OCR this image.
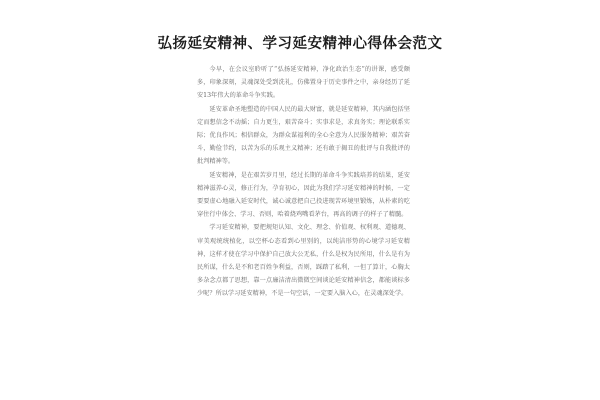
弘扬延安精神、学习延安精神心得体会范文

今早，在会议室聆听了“弘扬延安精神，净化政治生态”的讲课，感受颇多，印象深刻，灵魂深处受到洗礼，仿佛置身于历史事件之中，亲身经历了延安13年伟大的革命斗争实践。

延安革命圣地塑造的中国人民的最大财富，就是延安精神，其内涵包括坚定而想信念不动摇；自力更生，艰苦奋斗；实事求是，求真务实；理论联系实际；优良作风；相信群众，为群众谋福利的全心全意为人民服务精神；艰苦奋斗，勤俭节约，以苦为乐的乐观主义精神；还有敢于揭丑的批评与自我批评的批判精神等。

延安精神，是在艰苦岁月里，经过长期的革命斗争实践培养的结果，延安精神滋养心灵，修正行为，孕育初心，因此为我们学习延安精神的时候，一定要要虚心地融入延安时代，诚心诚意把自己投进现苦环境里锻炼，从朴素的吃穿住行中体会、学习、否则，哈着烧鸡嘴看茅台，再高的调子的样子了精髓。

学习延安精神，要把规矩认知、文化、理念、价值观、权利观、道德观、审美观统统植化，以空杯心态看到心里别的，以纯洁形势的心境学习延安精神，这样才使在学习中保护自己放大公无私，什么是权为民所用，什么是有为民所谋，什么是不和老百姓争利益，否则，踩踏了私利，一但了算计，心胸太多杂念点都了思想，靠一点廉洁清出微微空间谈论延安精神信念，都能谈标多少呢？所以学习延安精神，不是一句空话，一定要入脑入心，在灵魂深处学。
